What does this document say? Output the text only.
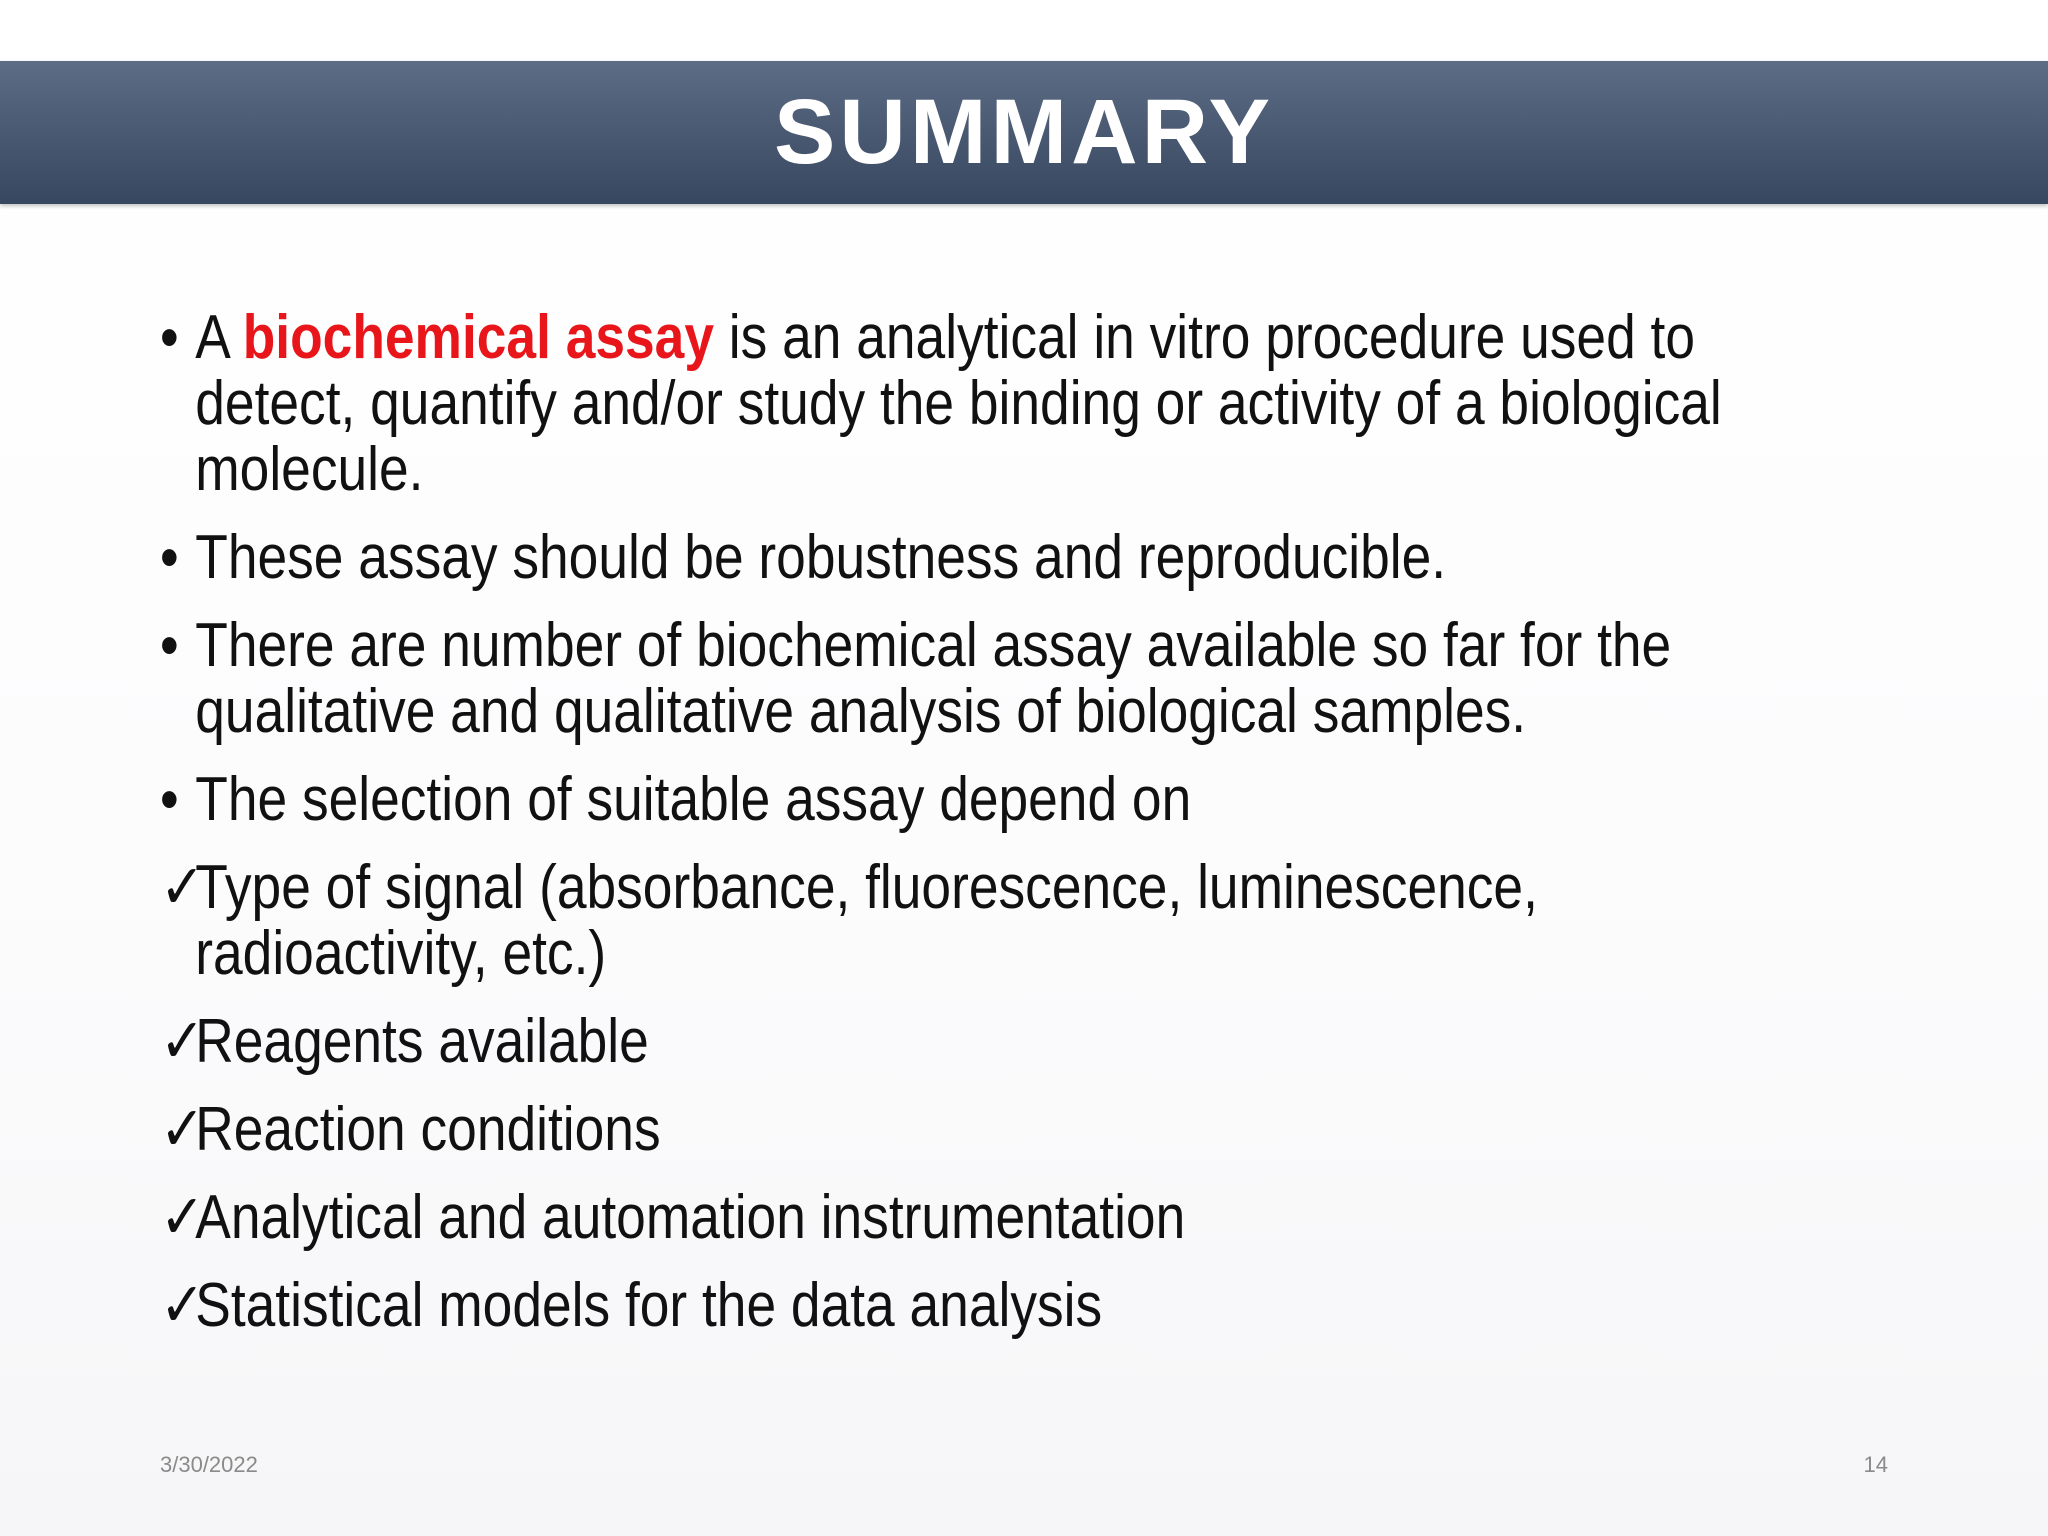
SUMMARY
• A biochemical assay is an analytical in vitro procedure used to detect, quantify and/or study the binding or activity of a biological molecule.
• These assay should be robustness and reproducible.
• There are number of biochemical assay available so far for the qualitative and qualitative analysis of biological samples.
• The selection of suitable assay depend on
✓
Type of signal (absorbance, fluorescence, luminescence, radioactivity, etc.)
✓
Reagents available
✓
Reaction conditions
✓
Analytical and automation instrumentation
✓
Statistical models for the data analysis
3/30/2022	14
